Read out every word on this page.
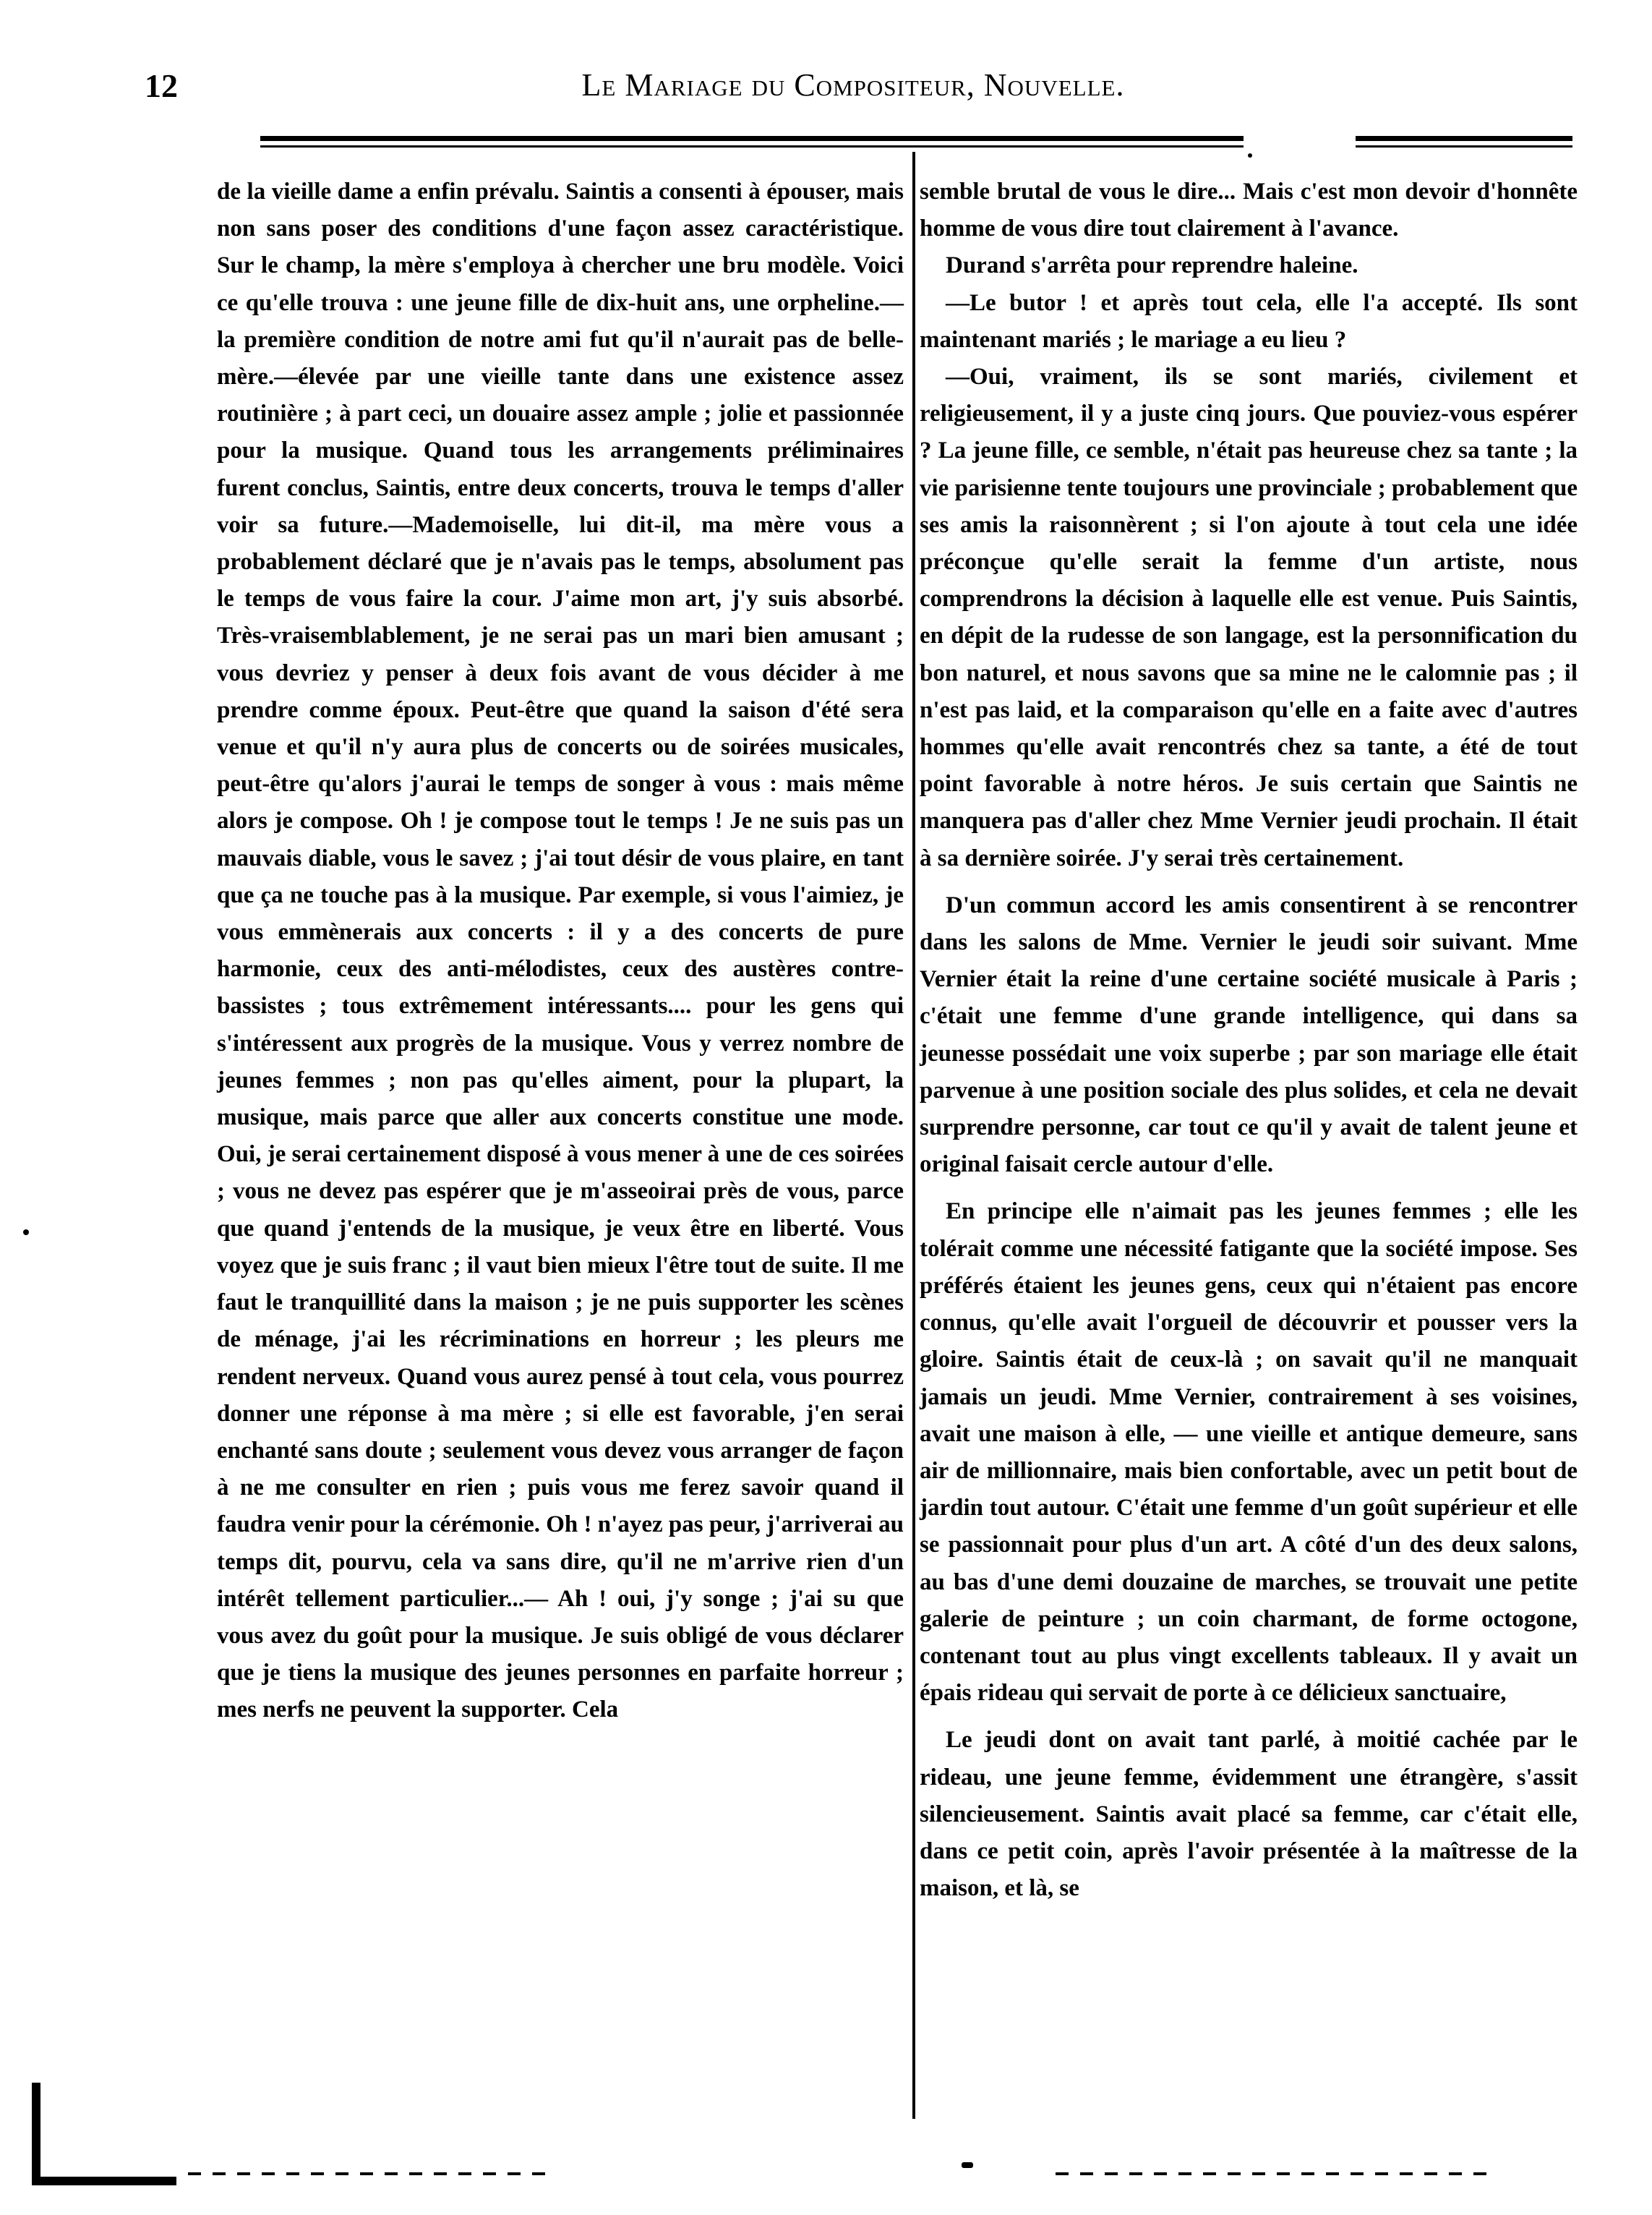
12	Le Mariage du Compositeur, Nouvelle.

de la vieille dame a enfin prévalu. Saintis a consenti à épouser, mais non sans poser des conditions d'une façon assez caractéristique. Sur le champ, la mère s'employa à chercher une bru modèle. Voici ce qu'elle trouva : une jeune fille de dix-huit ans, une orpheline.—la première condition de notre ami fut qu'il n'aurait pas de belle-mère.—élevée par une vieille tante dans une existence assez routinière ; à part ceci, un douaire assez ample ; jolie et passionnée pour la musique. Quand tous les arrangements préliminaires furent conclus, Saintis, entre deux concerts, trouva le temps d'aller voir sa future.—Mademoiselle, lui dit-il, ma mère vous a probablement déclaré que je n'avais pas le temps, absolument pas le temps de vous faire la cour. J'aime mon art, j'y suis absorbé. Très-vraisemblablement, je ne serai pas un mari bien amusant ; vous devriez y penser à deux fois avant de vous décider à me prendre comme époux. Peut-être que quand la saison d'été sera venue et qu'il n'y aura plus de concerts ou de soirées musicales, peut-être qu'alors j'aurai le temps de songer à vous : mais même alors je compose. Oh ! je compose tout le temps ! Je ne suis pas un mauvais diable, vous le savez ; j'ai tout désir de vous plaire, en tant que ça ne touche pas à la musique. Par exemple, si vous l'aimiez, je vous emmènerais aux concerts : il y a des concerts de pure harmonie, ceux des anti-mélodistes, ceux des austères contre-bassistes ; tous extrêmement intéressants.... pour les gens qui s'intéressent aux progrès de la musique. Vous y verrez nombre de jeunes femmes ; non pas qu'elles aiment, pour la plupart, la musique, mais parce que aller aux concerts constitue une mode. Oui, je serai certainement disposé à vous mener à une de ces soirées ; vous ne devez pas espérer que je m'asseoirai près de vous, parce que quand j'entends de la musique, je veux être en liberté. Vous voyez que je suis franc ; il vaut bien mieux l'être tout de suite. Il me faut le tranquillité dans la maison ; je ne puis supporter les scènes de ménage, j'ai les récriminations en horreur ; les pleurs me rendent nerveux. Quand vous aurez pensé à tout cela, vous pourrez donner une réponse à ma mère ; si elle est favorable, j'en serai enchanté sans doute ; seulement vous devez vous arranger de façon à ne me consulter en rien ; puis vous me ferez savoir quand il faudra venir pour la cérémonie. Oh ! n'ayez pas peur, j'arriverai au temps dit, pourvu, cela va sans dire, qu'il ne m'arrive rien d'un intérêt tellement particulier...— Ah ! oui, j'y songe ; j'ai su que vous avez du goût pour la musique. Je suis obligé de vous déclarer que je tiens la musique des jeunes personnes en parfaite horreur ; mes nerfs ne peuvent la supporter. Cela

semble brutal de vous le dire... Mais c'est mon devoir d'honnête homme de vous dire tout clairement à l'avance.

Durand s'arrêta pour reprendre haleine.

—Le butor ! et après tout cela, elle l'a accepté. Ils sont maintenant mariés ; le mariage a eu lieu ?

—Oui, vraiment, ils se sont mariés, civilement et religieusement, il y a juste cinq jours. Que pouviez-vous espérer ? La jeune fille, ce semble, n'était pas heureuse chez sa tante ; la vie parisienne tente toujours une provinciale ; probablement que ses amis la raisonnèrent ; si l'on ajoute à tout cela une idée préconçue qu'elle serait la femme d'un artiste, nous comprendrons la décision à laquelle elle est venue. Puis Saintis, en dépit de la rudesse de son langage, est la personnification du bon naturel, et nous savons que sa mine ne le calomnie pas ; il n'est pas laid, et la comparaison qu'elle en a faite avec d'autres hommes qu'elle avait rencontrés chez sa tante, a été de tout point favorable à notre héros. Je suis certain que Saintis ne manquera pas d'aller chez Mme Vernier jeudi prochain. Il était à sa dernière soirée. J'y serai très certainement.

D'un commun accord les amis consentirent à se rencontrer dans les salons de Mme. Vernier le jeudi soir suivant. Mme Vernier était la reine d'une certaine société musicale à Paris ; c'était une femme d'une grande intelligence, qui dans sa jeunesse possédait une voix superbe ; par son mariage elle était parvenue à une position sociale des plus solides, et cela ne devait surprendre personne, car tout ce qu'il y avait de talent jeune et original faisait cercle autour d'elle.

En principe elle n'aimait pas les jeunes femmes ; elle les tolérait comme une nécessité fatigante que la société impose. Ses préférés étaient les jeunes gens, ceux qui n'étaient pas encore connus, qu'elle avait l'orgueil de découvrir et pousser vers la gloire. Saintis était de ceux-là ; on savait qu'il ne manquait jamais un jeudi. Mme Vernier, contrairement à ses voisines, avait une maison à elle, — une vieille et antique demeure, sans air de millionnaire, mais bien confortable, avec un petit bout de jardin tout autour. C'était une femme d'un goût supérieur et elle se passionnait pour plus d'un art. A côté d'un des deux salons, au bas d'une demi douzaine de marches, se trouvait une petite galerie de peinture ; un coin charmant, de forme octogone, contenant tout au plus vingt excellents tableaux. Il y avait un épais rideau qui servait de porte à ce délicieux sanctuaire,

Le jeudi dont on avait tant parlé, à moitié cachée par le rideau, une jeune femme, évidemment une étrangère, s'assit silencieusement. Saintis avait placé sa femme, car c'était elle, dans ce petit coin, après l'avoir présentée à la maîtresse de la maison, et là, se
